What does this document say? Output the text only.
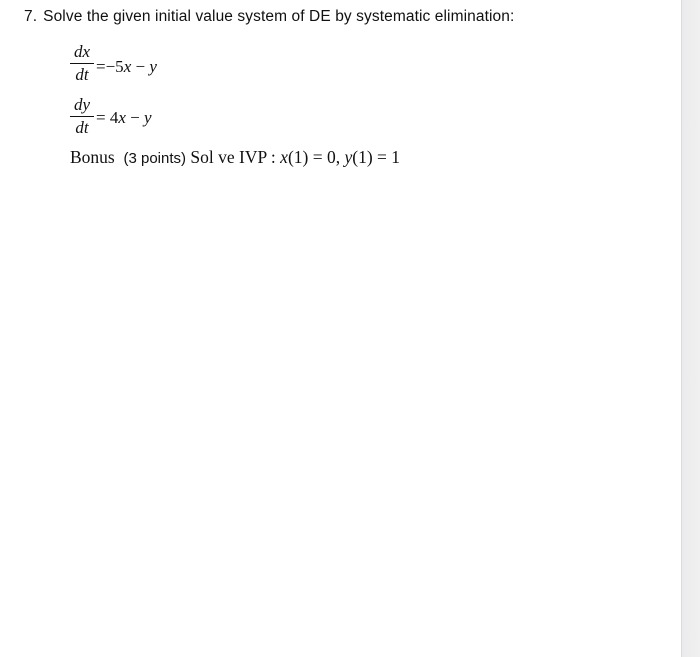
7. Solve the given initial value system of DE by systematic elimination:
dx
dt =−5x − y
dy
dt
= 4x − y
Bonus (3 points) Sol ve IVP : x(1) = 0, y(1) = 1
